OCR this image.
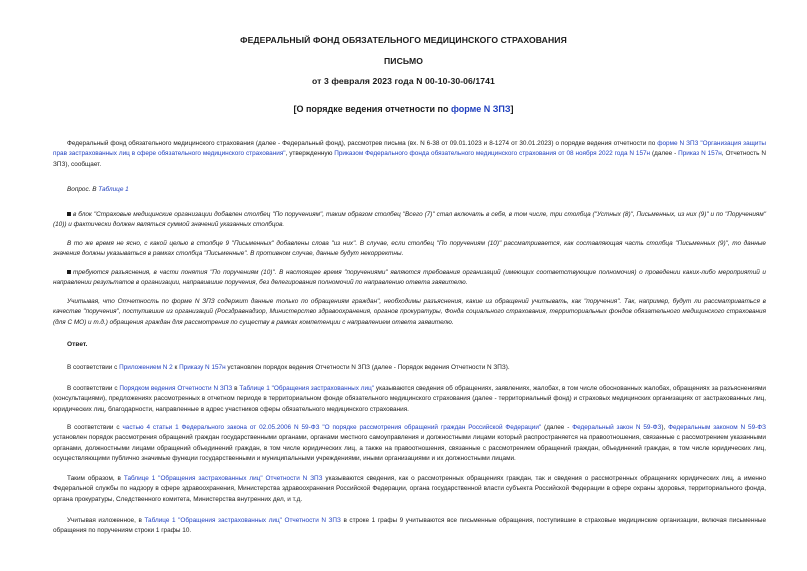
ФЕДЕРАЛЬНЫЙ ФОНД ОБЯЗАТЕЛЬНОГО МЕДИЦИНСКОГО СТРАХОВАНИЯ
ПИСЬМО
от 3 февраля 2023 года N 00-10-30-06/1741
[О порядке ведения отчетности по форме N ЗПЗ]
Федеральный фонд обязательного медицинского страхования (далее - Федеральный фонд), рассмотрев письма (вх. N 6-38 от 09.01.1023 и 8-1274 от 30.01.2023) о порядке ведения отчетности по форме N ЗПЗ "Организация защиты прав застрахованных лиц в сфере обязательного медицинского страхования", утвержденную Приказом Федерального фонда обязательного медицинского страхования от 08 ноября 2022 года N 157н (далее - Приказ N 157н, Отчетность N ЗПЗ), сообщает.
Вопрос. В Таблице 1
в блок "Страховые медицинские организации добавлен столбец "По поручениям", таким образом столбец "Всего (7)" стал включать в себя, в том числе, три столбца ("Устных (8)", Письменных, из них (9)" и по "Поручениям" (10)) и фактически должен являться суммой значений указанных столбцов.
В то же время не ясно, с какой целью в столбце 9 "Письменных" добавлены слова "из них". В случае, если столбец "По поручениям (10)" рассматривается, как составляющая часть столбца "Письменных (9)", то данные значения должны указываться в рамках столбца "Письменные". В противном случае, данные будут некорректны.
требуются разъяснения, в части понятия "По поручениям (10)". В настоящее время "поручениями" являются требования организаций (имеющих соответствующие полномочия) о проведении каких-либо мероприятий и направлении результатов в организации, направившие поручения, без делегирования полномочий по направлению ответа заявителю.
Учитывая, что Отчетность по форме N ЗПЗ содержит данные только по обращениям граждан", необходимы разъяснения, какие из обращений учитывать, как "поручения". Так, например, будут ли рассматриваться в качестве "поручения", поступившие из организаций (Росздравнадзор, Министерство здравоохранения, органов прокуратуры, Фонда социального страхования, территориальных фондов обязательного медицинского страхования (для С МО) и т.д.) обращения граждан для рассмотрения по существу в рамках компетенции с направлением ответа заявителю.
Ответ.
В соответствии с Приложением N 2 к Приказу N 157н установлен порядок ведения Отчетности N ЗПЗ (далее - Порядок ведения Отчетности N ЗПЗ).
В соответствии с Порядком ведения Отчетности N ЗПЗ в Таблице 1 "Обращения застрахованных лиц" указываются сведения об обращениях, заявлениях, жалобах, в том числе обоснованных жалобах, обращениях за разъяснениями (консультациями), предложениях рассмотренных в отчетном периоде в территориальном фонде обязательного медицинского страхования (далее - территориальный фонд) и страховых медицинских организациях от застрахованных лиц, юридических лиц, благодарности, направленные в адрес участников сферы обязательного медицинского страхования.
В соответствии с частью 4 статьи 1 Федерального закона от 02.05.2006 N 59-ФЗ "О порядке рассмотрения обращений граждан Российской Федерации" (далее - Федеральный закон N 59-ФЗ), Федеральным законом N 59-ФЗ установлен порядок рассмотрения обращений граждан государственными органами, органами местного самоуправления и должностными лицами который распространяется на правоотношения, связанные с рассмотрением указанными органами, должностными лицами обращений объединений граждан, в том числе юридических лиц, а также на правоотношения, связанные с рассмотрением обращений граждан, объединений граждан, в том числе юридических лиц, осуществляющими публично значимые функции государственными и муниципальными учреждениями, иными организациями и их должностными лицами.
Таким образом, в Таблице 1 "Обращения застрахованных лиц" Отчетности N ЗПЗ указываются сведения, как о рассмотренных обращениях граждан, так и сведения о рассмотренных обращениях юридических лиц, а именно Федеральной службы по надзору в сфере здравоохранения, Министерства здравоохранения Российской Федерации, органа государственной власти субъекта Российской Федерации в сфере охраны здоровья, территориального фонда, органа прокуратуры, Следственного комитета, Министерства внутренних дел, и т.д.
Учитывая изложенное, в Таблице 1 "Обращения застрахованных лиц" Отчетности N ЗПЗ в строке 1 графы 9 учитываются все письменные обращения, поступившие в страховые медицинские организации, включая письменные обращения по поручениям строки 1 графы 10.
